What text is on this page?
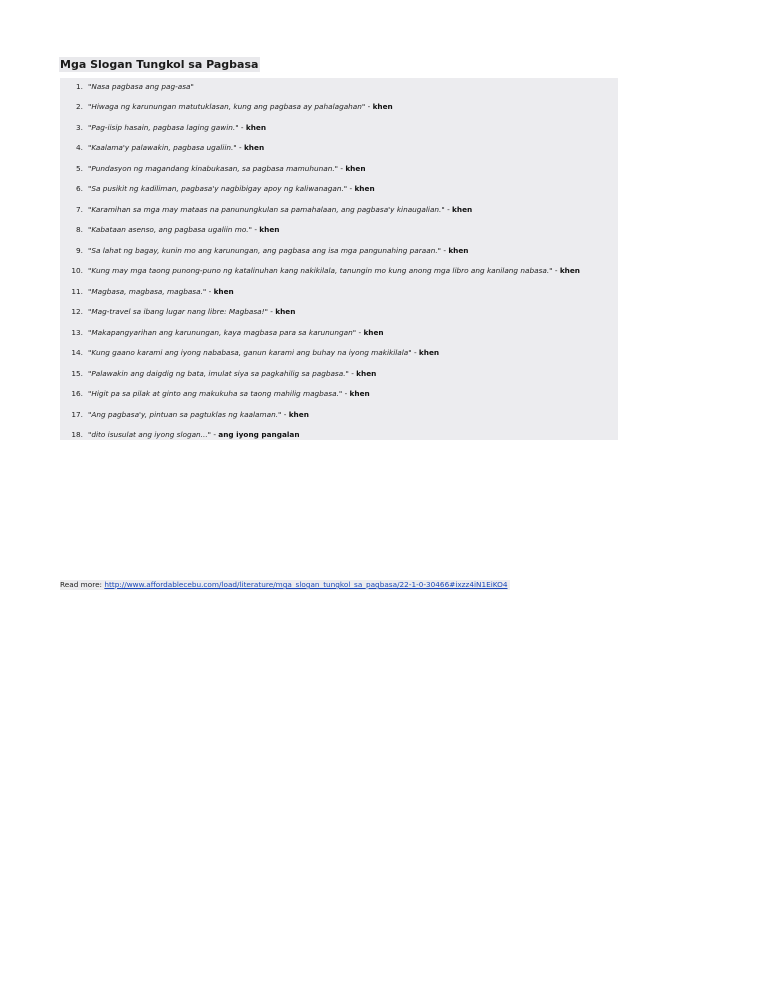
Mga Slogan Tungkol sa Pagbasa
1. "Nasa pagbasa ang pag-asa"
2. "Hiwaga ng karunungan matutuklasan, kung ang pagbasa ay pahalagahan" - khen
3. "Pag-iisip hasain, pagbasa laging gawin." - khen
4. "Kaalama'y palawakin, pagbasa ugaliin." - khen
5. "Pundasyon ng magandang kinabukasan, sa pagbasa mamuhunan." - khen
6. "Sa pusikit ng kadiliman, pagbasa'y nagbibigay apoy ng kaliwanagan." - khen
7. "Karamihan sa mga may mataas na panunungkulan sa pamahalaan, ang pagbasa'y kinaugalian." - khen
8. "Kabataan asenso, ang pagbasa ugaliin mo." - khen
9. "Sa lahat ng bagay, kunin mo ang karunungan, ang pagbasa ang isa mga pangunahing paraan." - khen
10. "Kung may mga taong punong-puno ng katalinuhan kang nakikilala, tanungin mo kung anong mga libro ang kanilang nabasa." - khen
11. "Magbasa, magbasa, magbasa." - khen
12. "Mag-travel sa ibang lugar nang libre: Magbasa!" - khen
13. "Makapangyarihan ang karunungan, kaya magbasa para sa karunungan" - khen
14. "Kung gaano karami ang iyong nababasa, ganun karami ang buhay na iyong makikilala" - khen
15. "Palawakin ang daigdig ng bata, imulat siya sa pagkahilig sa pagbasa." - khen
16. "Higit pa sa pilak at ginto ang makukuha sa taong mahilig magbasa." - khen
17. "Ang pagbasa'y, pintuan sa pagtuklas ng kaalaman." - khen
18. "dito isusulat ang iyong slogan..." - ang iyong pangalan
Read more: http://www.affordablecebu.com/load/literature/mga_slogan_tungkol_sa_pagbasa/22-1-0-30466#ixzz4iN1EiKO4
